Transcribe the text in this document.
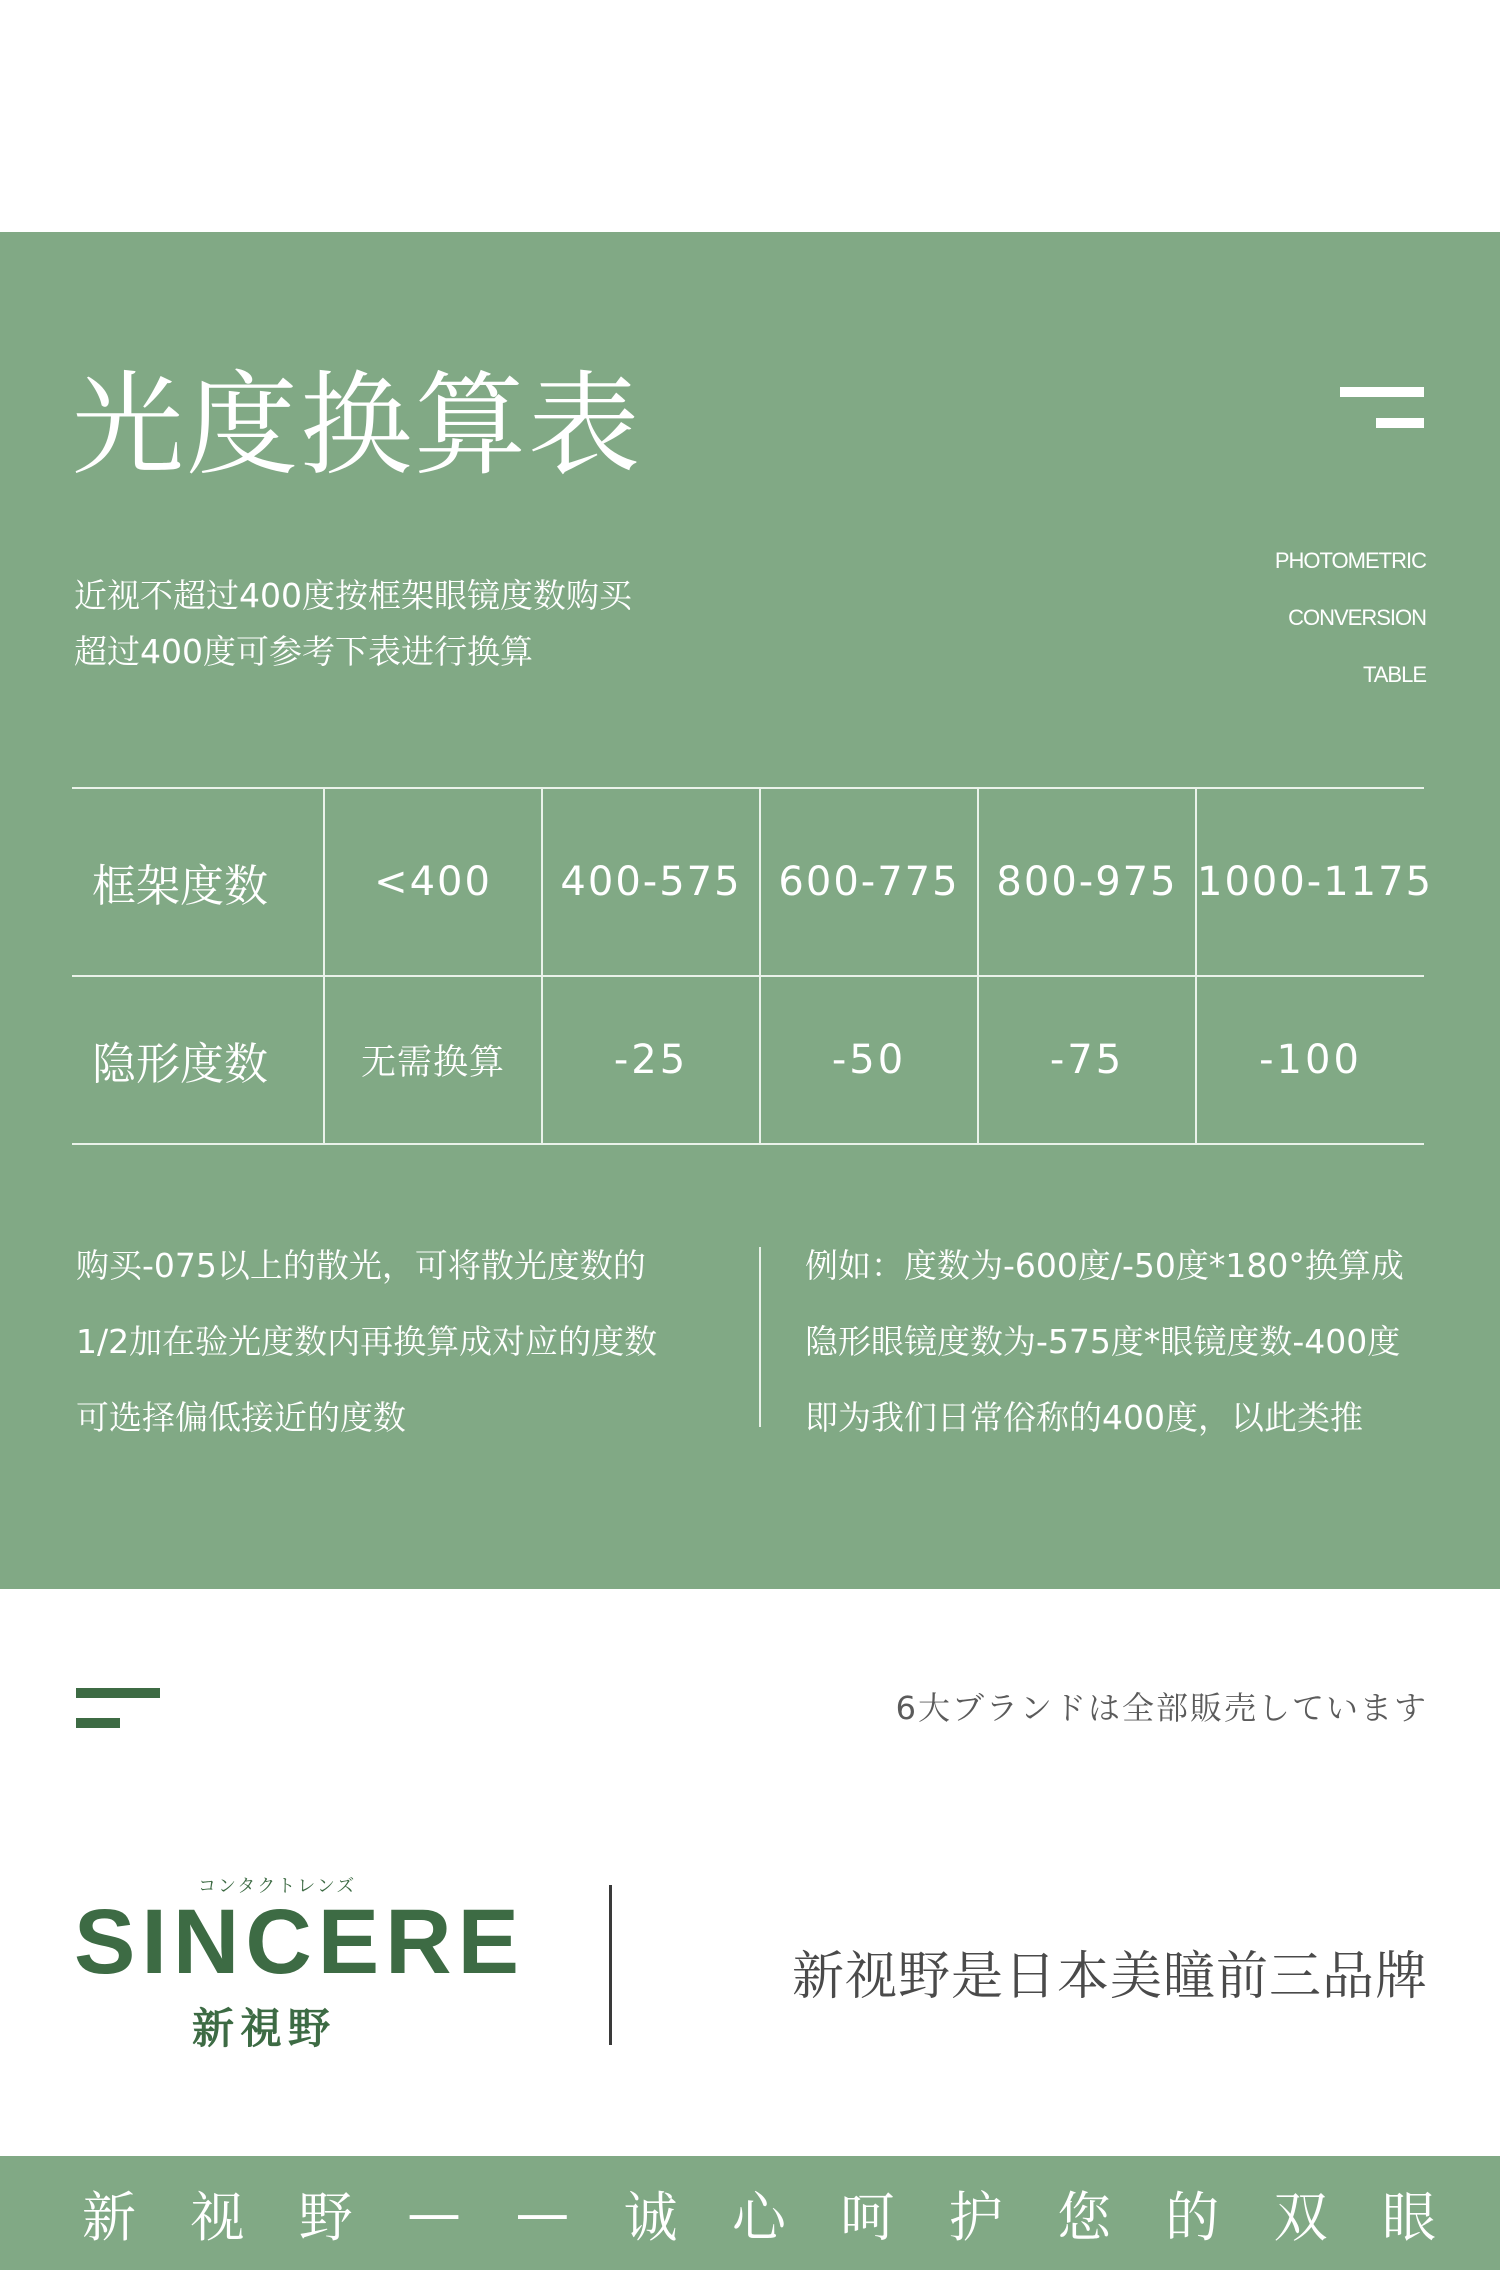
光度换算表
近视不超过400度按框架眼镜度数购买
超过400度可参考下表进行换算
PHOTOMETRIC
CONVERSION
TABLE
框架度数	<400	400-575	600-775	800-975	1000-1175
隐形度数	无需换算	-25	-50	-75	-100
购买-075以上的散光，可将散光度数的
1/2加在验光度数内再换算成对应的度数
可选择偏低接近的度数
例如：度数为-600度/-50度*180°换算成
隐形眼镜度数为-575度*眼镜度数-400度
即为我们日常俗称的400度，以此类推
6大ブランドは全部販売しています
コンタクトレンズ
SINCERE
新視野
新视野是日本美瞳前三品牌
新 视 野 — — 诚 心 呵 护 您 的 双 眼
